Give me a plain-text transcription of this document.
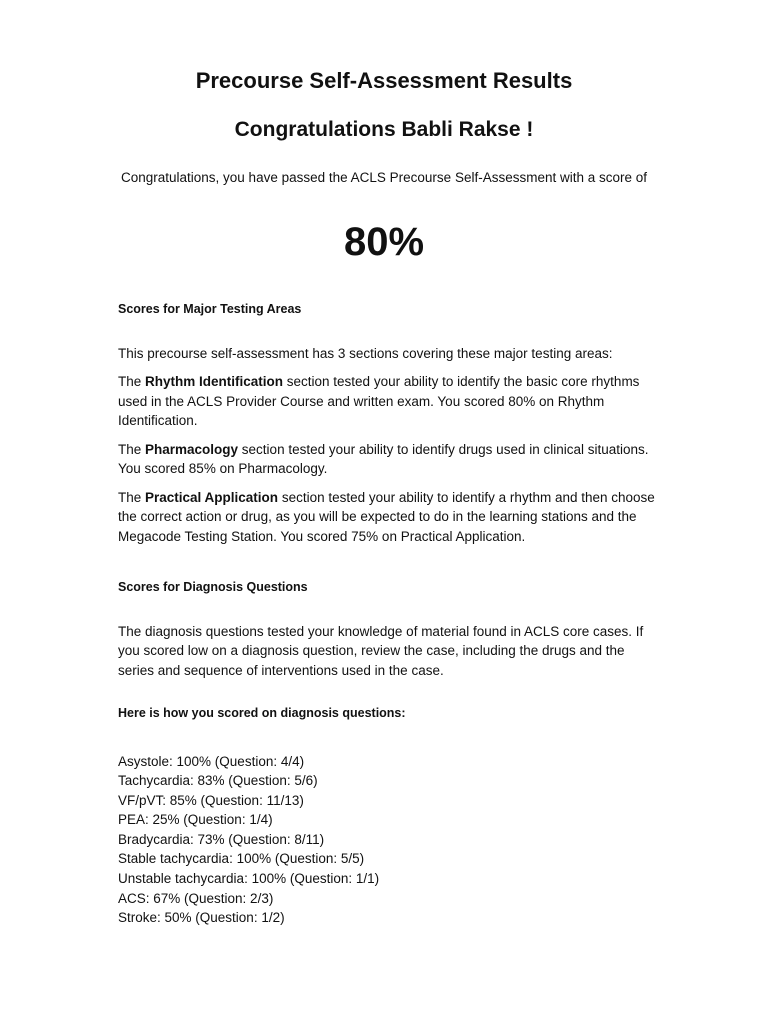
Precourse Self-Assessment Results
Congratulations Babli Rakse !

Congratulations, you have passed the ACLS Precourse Self-Assessment with a score of

80%

Scores for Major Testing Areas

This precourse self-assessment has 3 sections covering these major testing areas:

The Rhythm Identification section tested your ability to identify the basic core rhythms used in the ACLS Provider Course and written exam. You scored 80% on Rhythm Identification.

The Pharmacology section tested your ability to identify drugs used in clinical situations. You scored 85% on Pharmacology.

The Practical Application section tested your ability to identify a rhythm and then choose the correct action or drug, as you will be expected to do in the learning stations and the Megacode Testing Station. You scored 75% on Practical Application.

Scores for Diagnosis Questions

The diagnosis questions tested your knowledge of material found in ACLS core cases. If you scored low on a diagnosis question, review the case, including the drugs and the series and sequence of interventions used in the case.

Here is how you scored on diagnosis questions:

Asystole: 100% (Question: 4/4)
Tachycardia: 83% (Question: 5/6)
VF/pVT: 85% (Question: 11/13)
PEA: 25% (Question: 1/4)
Bradycardia: 73% (Question: 8/11)
Stable tachycardia: 100% (Question: 5/5)
Unstable tachycardia: 100% (Question: 1/1)
ACS: 67% (Question: 2/3)
Stroke: 50% (Question: 1/2)
